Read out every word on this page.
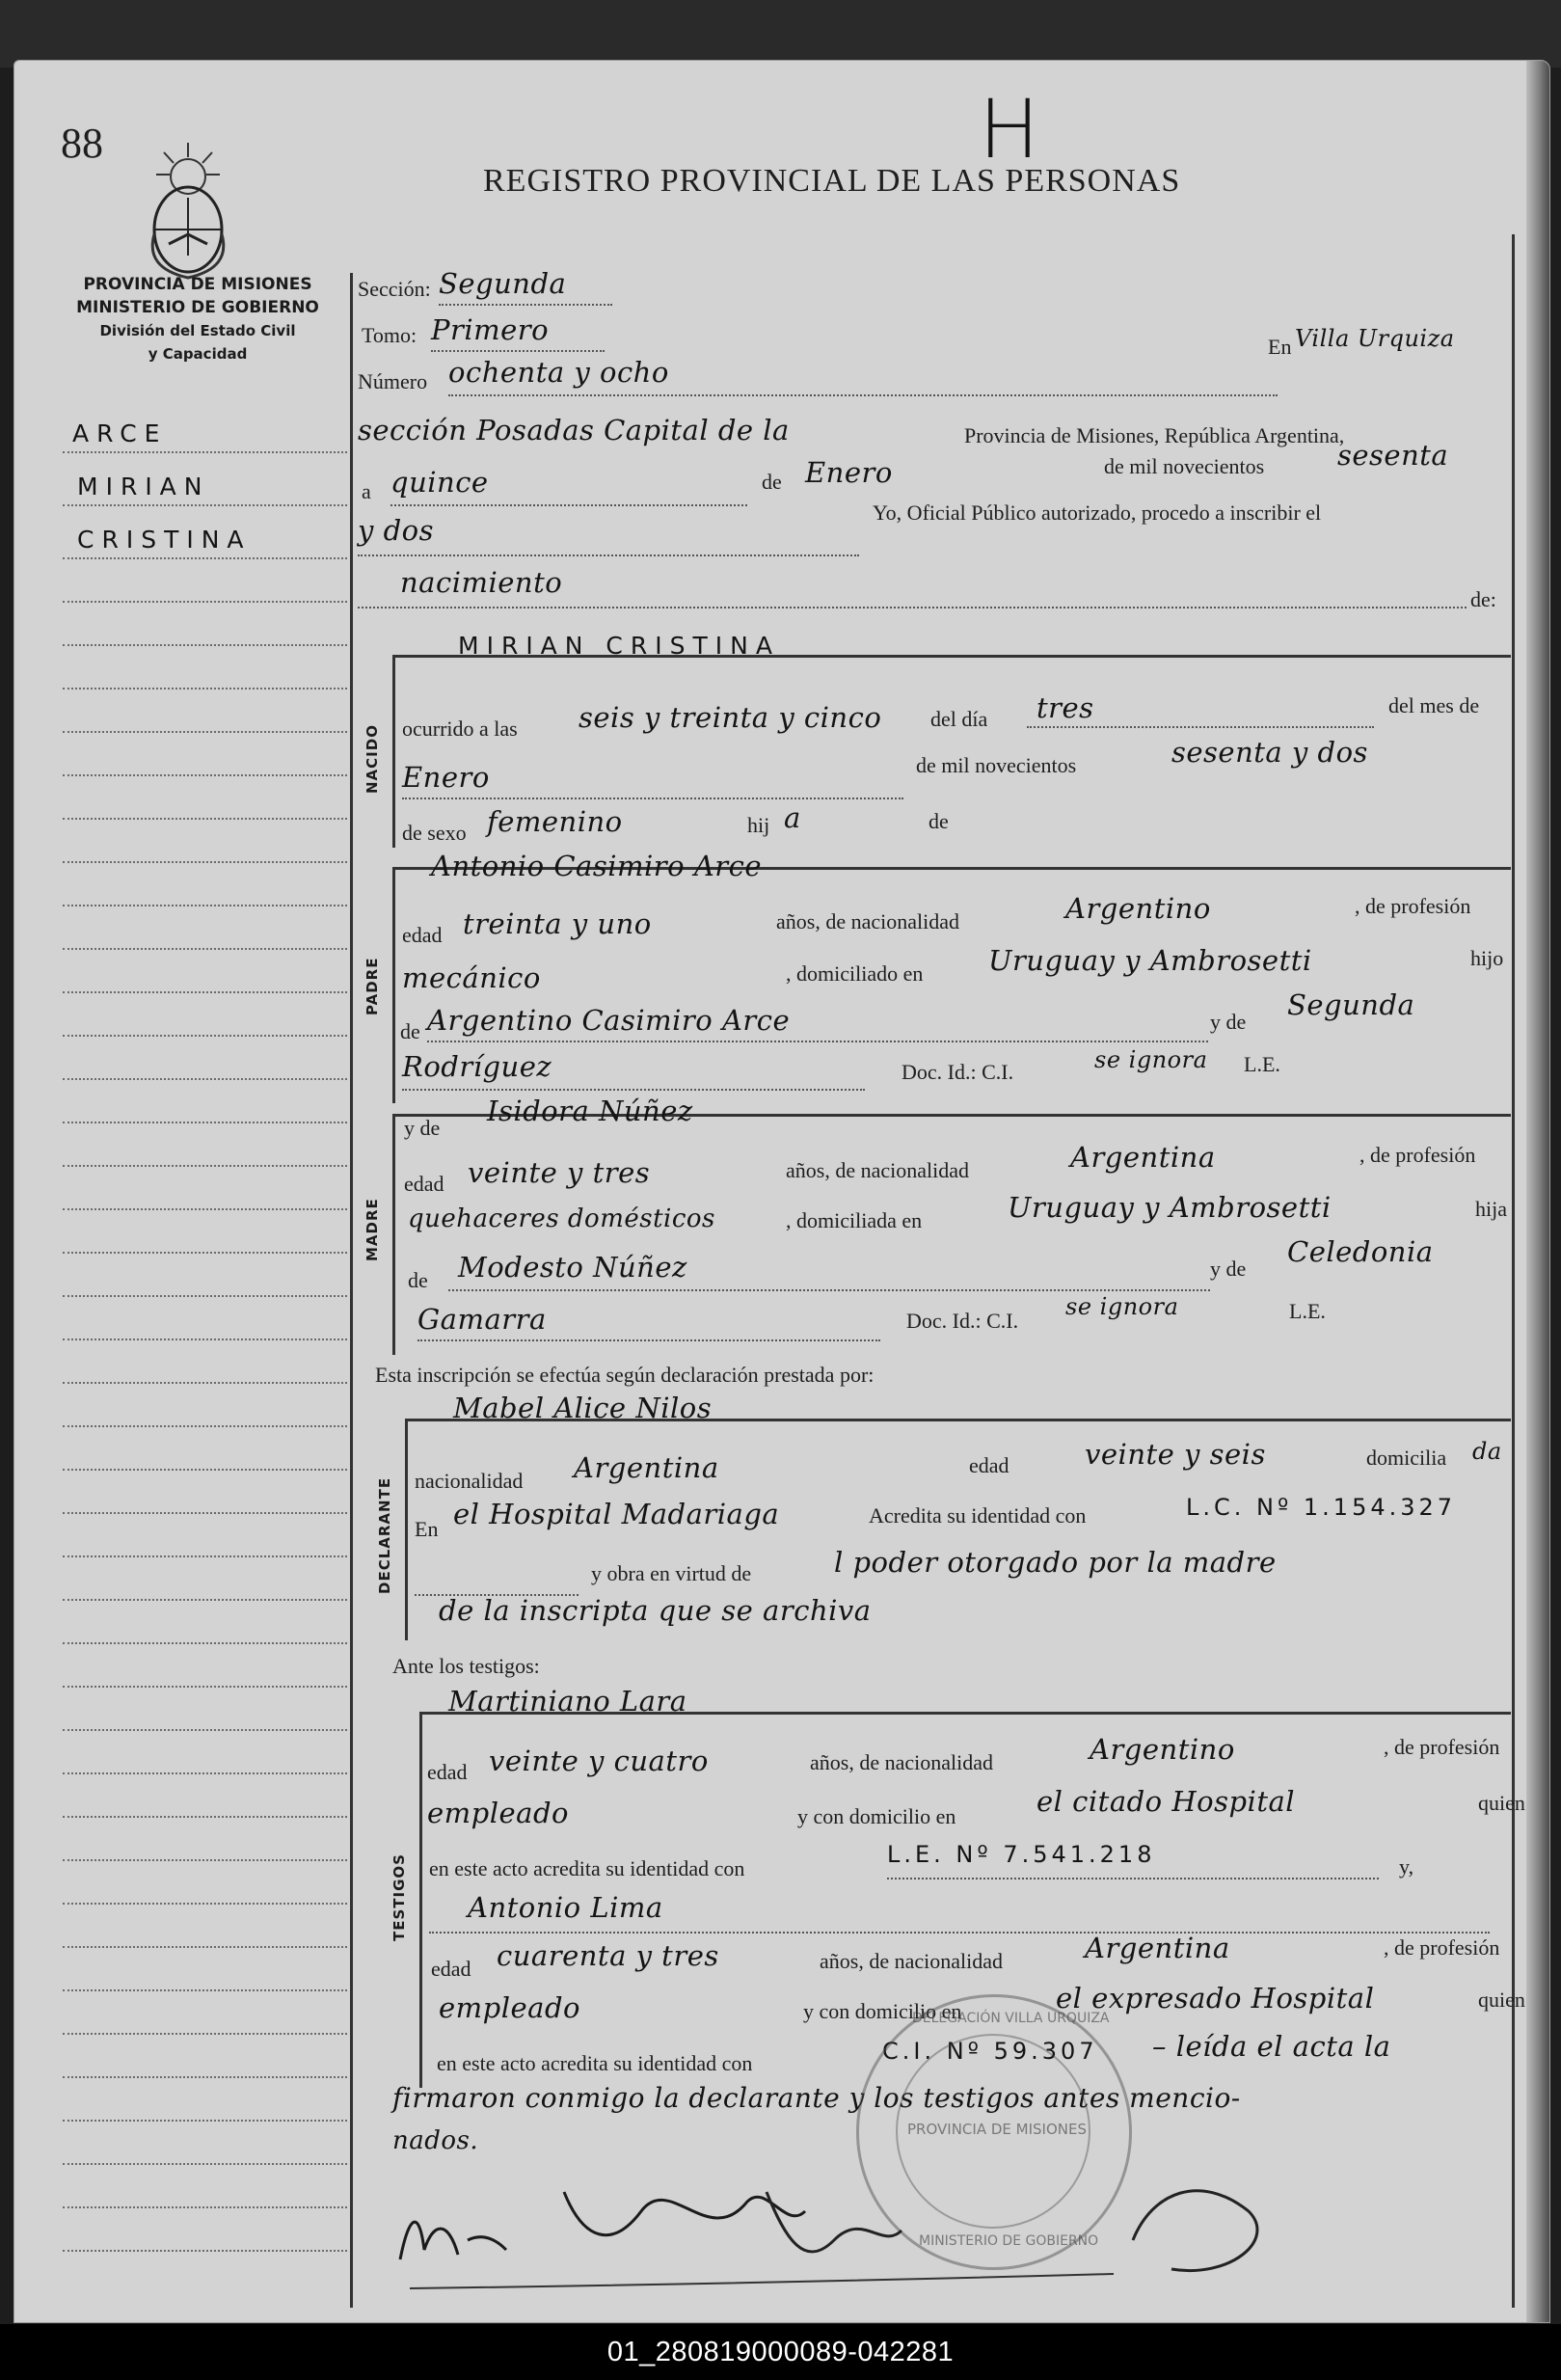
88	H
REGISTRO PROVINCIAL DE LAS PERSONAS
PROVINCIA DE MISIONES
MINISTERIO DE GOBIERNO
División del Estado Civil
y Capacidad
ARCE
MIRIAN
CRISTINA
Sección: Segunda
Tomo: Primero
Número ochenta y ocho
En Villa Urquiza
sección Posadas Capital de la	Provincia de Misiones, República Argentina,
a quince	de Enero	de mil novecientos	sesenta
y dos
Yo, Oficial Público autorizado, procedo a inscribir el
nacimiento
de:
NACIDO
MIRIAN CRISTINA
ocurrido a las seis y treinta y cinco del día tres	del mes de
Enero	de mil novecientos	sesenta y dos
de sexo femenino	hij a	de
PADRE
Antonio Casimiro Arce
edad treinta y uno	años, de nacionalidad	Argentino	, de profesión
mecánico	, domiciliado en Uruguay y Ambrosetti	hijo
de Argentino Casimiro Arce	y de
Segunda
Rodríguez	Doc. Id.: C.I.	se ignora L.E.
MADRE
y de
Isidora Núñez
edad veinte y tres	años, de nacionalidad	Argentina	, de profesión
quehaceres domésticos	, domiciliada en	Uruguay y Ambrosetti	hija
de Modesto Núñez	y de
Celedonia
Gamarra	Doc. Id.: C.I.
se ignora	L.E.
Esta inscripción se efectúa según declaración prestada por:
DECLARANTE
Mabel Alice Nilos
nacionalidad Argentina	edad	veinte y seis	domicilia da
En el Hospital Madariaga	Acredita su identidad con	L.C. Nº 1.154.327
y obra en virtud de	l poder otorgado por la madre
de la inscripta que se archiva
Ante los testigos:
TESTIGOS
Martiniano Lara
edad veinte y cuatro	años, de nacionalidad	Argentino	, de profesión
empleado	y con domicilio en	el citado Hospital	quien
en este acto acredita su identidad con
L.E. Nº 7.541.218	y,
Antonio Lima
edad cuarenta y tres	años, de nacionalidad	Argentina	, de profesión
empleado	y con domicilio en	el expresado Hospital	quien
en este acto acredita su identidad con	C.I. Nº 59.307 – leída el acta la
firmaron conmigo la declarante y los testigos antes mencio-
nados.
DELEGACIÓN VILLA URQUIZA
MINISTERIO DE GOBIERNO
PROVINCIA DE MISIONES
01_280819000089-042281
